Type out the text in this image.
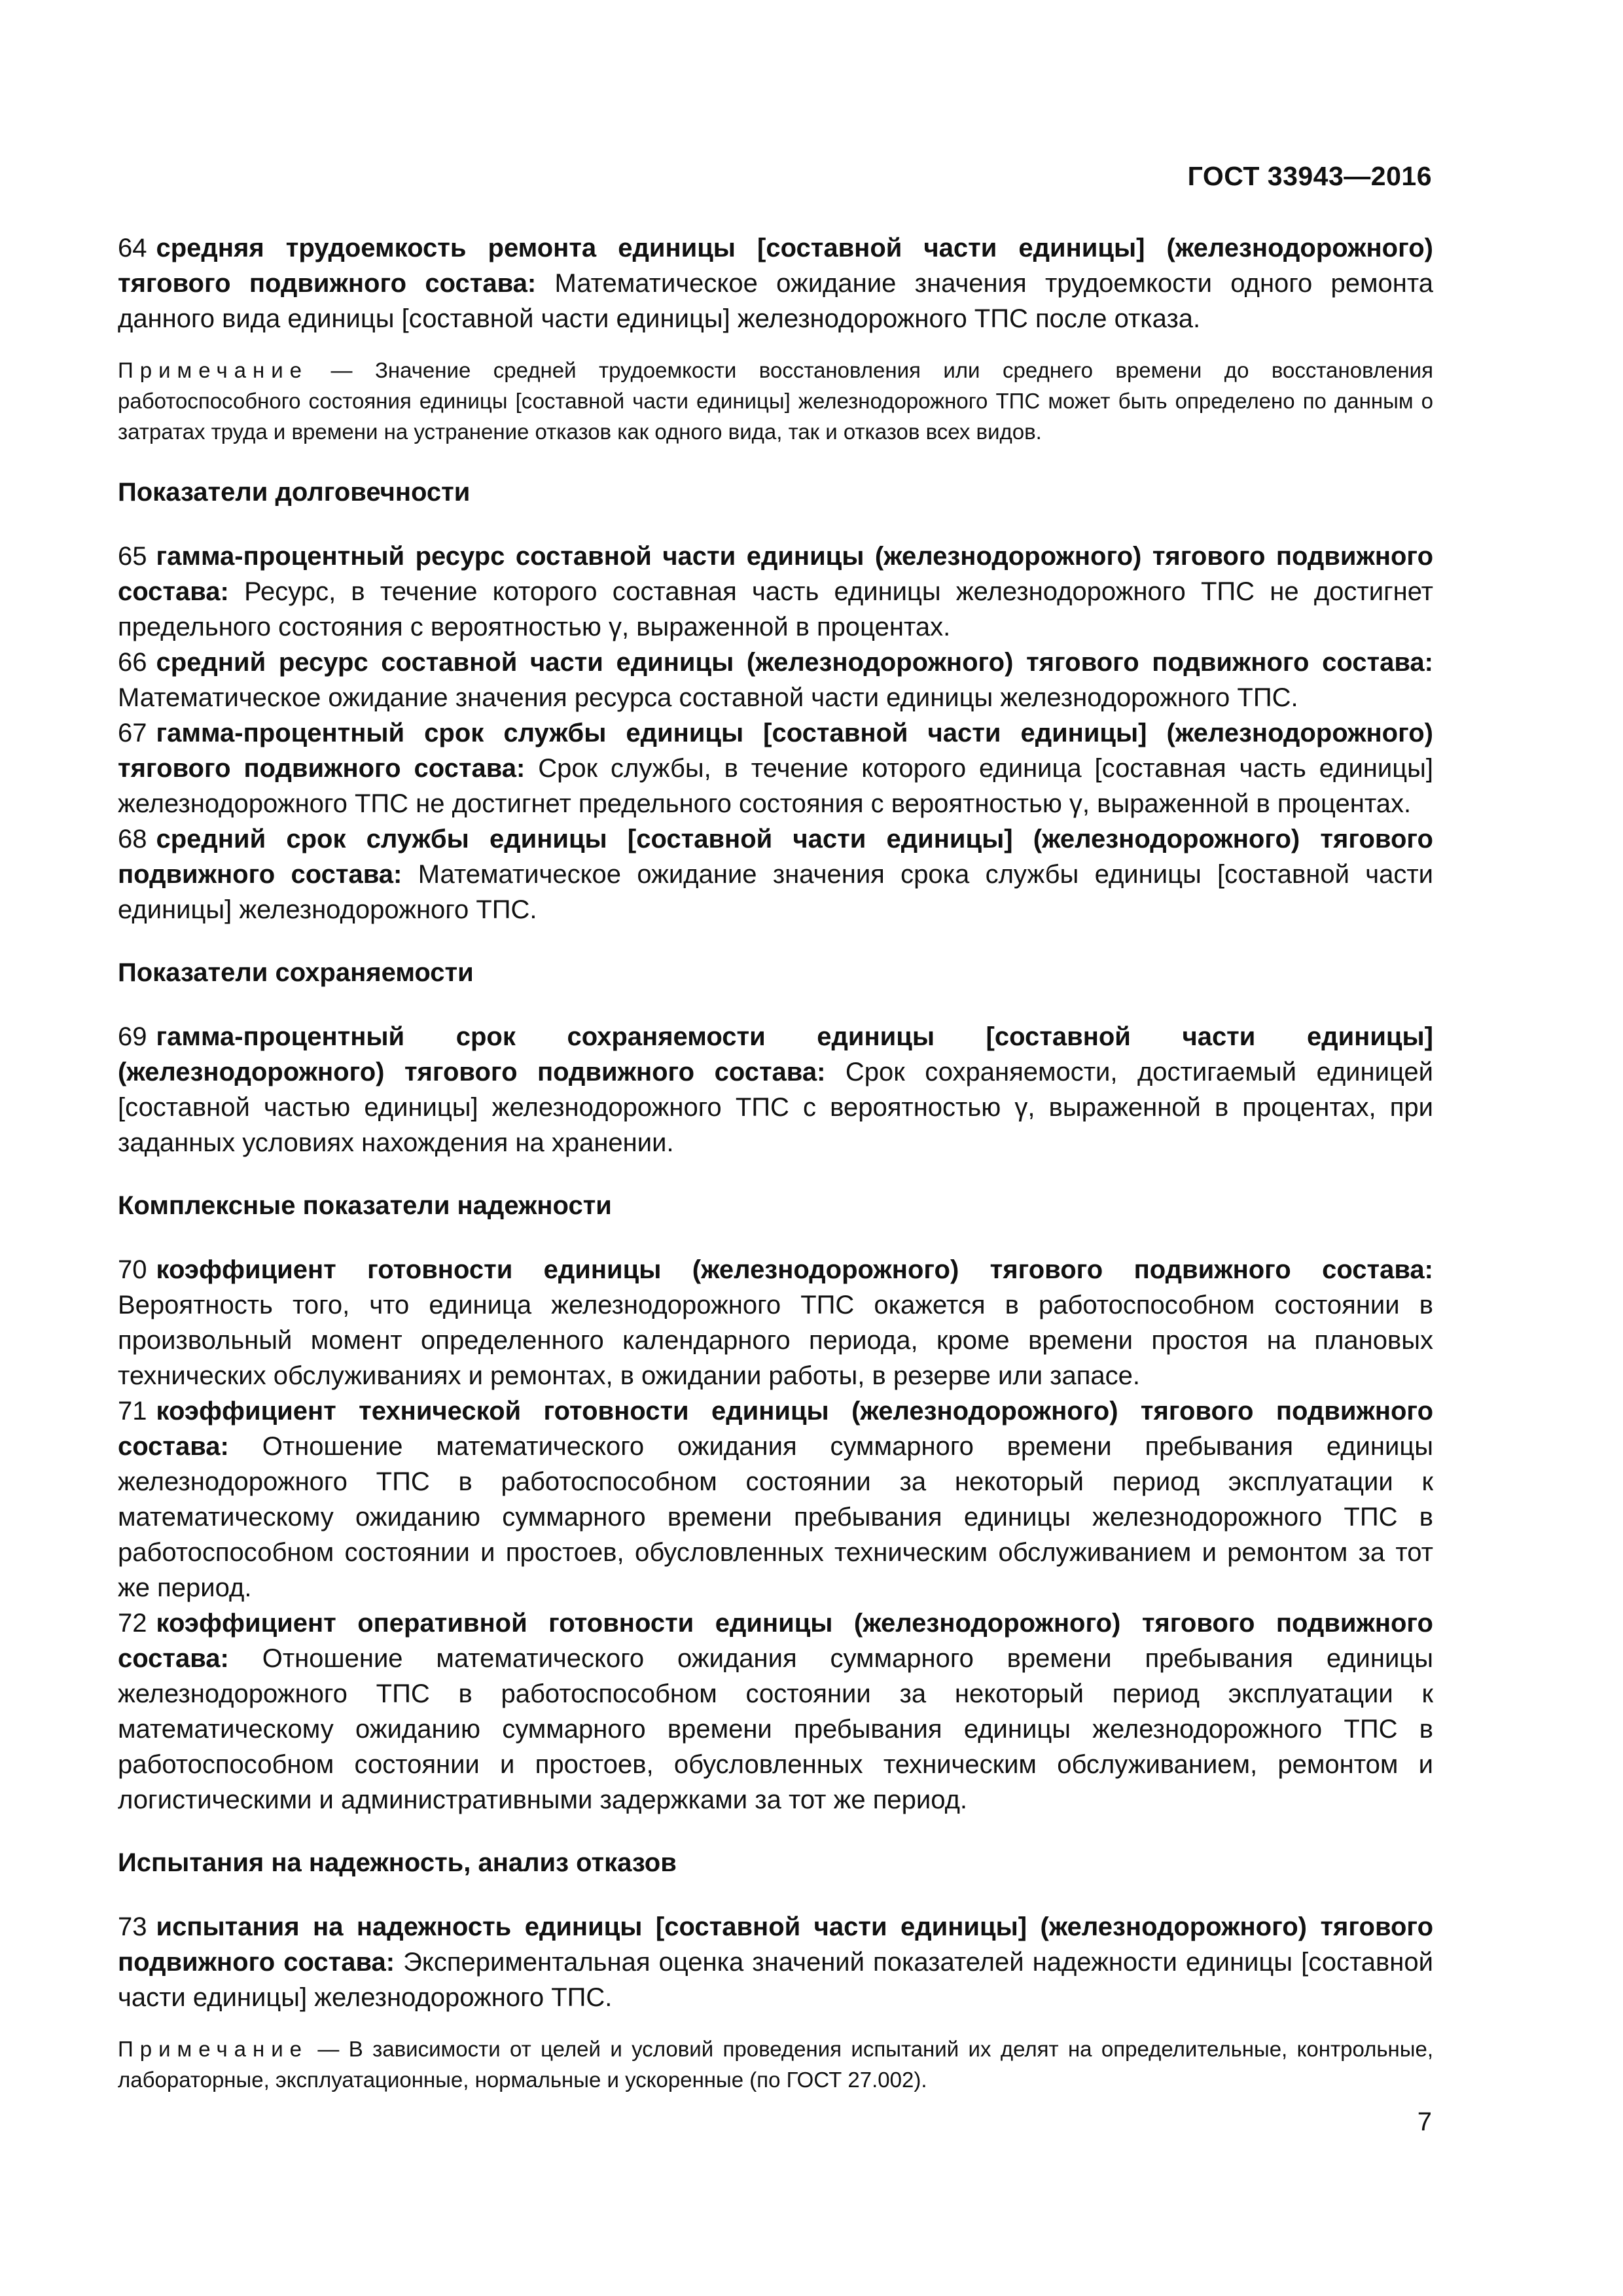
ГОСТ 33943—2016

64 средняя трудоемкость ремонта единицы [составной части единицы] (железнодорожного) тягового подвижного состава: Математическое ожидание значения трудоемкости одного ремонта данного вида единицы [составной части единицы] железнодорожного ТПС после отказа.

Примечание — Значение средней трудоемкости восстановления или среднего времени до восстановления работоспособного состояния единицы [составной части единицы] железнодорожного ТПС может быть определено по данным о затратах труда и времени на устранение отказов как одного вида, так и отказов всех видов.

Показатели долговечности

65 гамма-процентный ресурс составной части единицы (железнодорожного) тягового подвижного состава: Ресурс, в течение которого составная часть единицы железнодорожного ТПС не достигнет предельного состояния с вероятностью γ, выраженной в процентах.

66 средний ресурс составной части единицы (железнодорожного) тягового подвижного состава: Математическое ожидание значения ресурса составной части единицы железнодорожного ТПС.

67 гамма-процентный срок службы единицы [составной части единицы] (железнодорожного) тягового подвижного состава: Срок службы, в течение которого единица [составная часть единицы] железнодорожного ТПС не достигнет предельного состояния с вероятностью γ, выраженной в процентах.

68 средний срок службы единицы [составной части единицы] (железнодорожного) тягового подвижного состава: Математическое ожидание значения срока службы единицы [составной части единицы] железнодорожного ТПС.

Показатели сохраняемости

69 гамма-процентный срок сохраняемости единицы [составной части единицы] (железнодорожного) тягового подвижного состава: Срок сохраняемости, достигаемый единицей [составной частью единицы] железнодорожного ТПС с вероятностью γ, выраженной в процентах, при заданных условиях нахождения на хранении.

Комплексные показатели надежности

70 коэффициент готовности единицы (железнодорожного) тягового подвижного состава: Вероятность того, что единица железнодорожного ТПС окажется в работоспособном состоянии в произвольный момент определенного календарного периода, кроме времени простоя на плановых технических обслуживаниях и ремонтах, в ожидании работы, в резерве или запасе.

71 коэффициент технической готовности единицы (железнодорожного) тягового подвижного состава: Отношение математического ожидания суммарного времени пребывания единицы железнодорожного ТПС в работоспособном состоянии за некоторый период эксплуатации к математическому ожиданию суммарного времени пребывания единицы железнодорожного ТПС в работоспособном состоянии и простоев, обусловленных техническим обслуживанием и ремонтом за тот же период.

72 коэффициент оперативной готовности единицы (железнодорожного) тягового подвижного состава: Отношение математического ожидания суммарного времени пребывания единицы железнодорожного ТПС в работоспособном состоянии за некоторый период эксплуатации к математическому ожиданию суммарного времени пребывания единицы железнодорожного ТПС в работоспособном состоянии и простоев, обусловленных техническим обслуживанием, ремонтом и логистическими и административными задержками за тот же период.

Испытания на надежность, анализ отказов

73 испытания на надежность единицы [составной части единицы] (железнодорожного) тягового подвижного состава: Экспериментальная оценка значений показателей надежности единицы [составной части единицы] железнодорожного ТПС.

Примечание — В зависимости от целей и условий проведения испытаний их делят на определительные, контрольные, лабораторные, эксплуатационные, нормальные и ускоренные (по ГОСТ 27.002).

7
